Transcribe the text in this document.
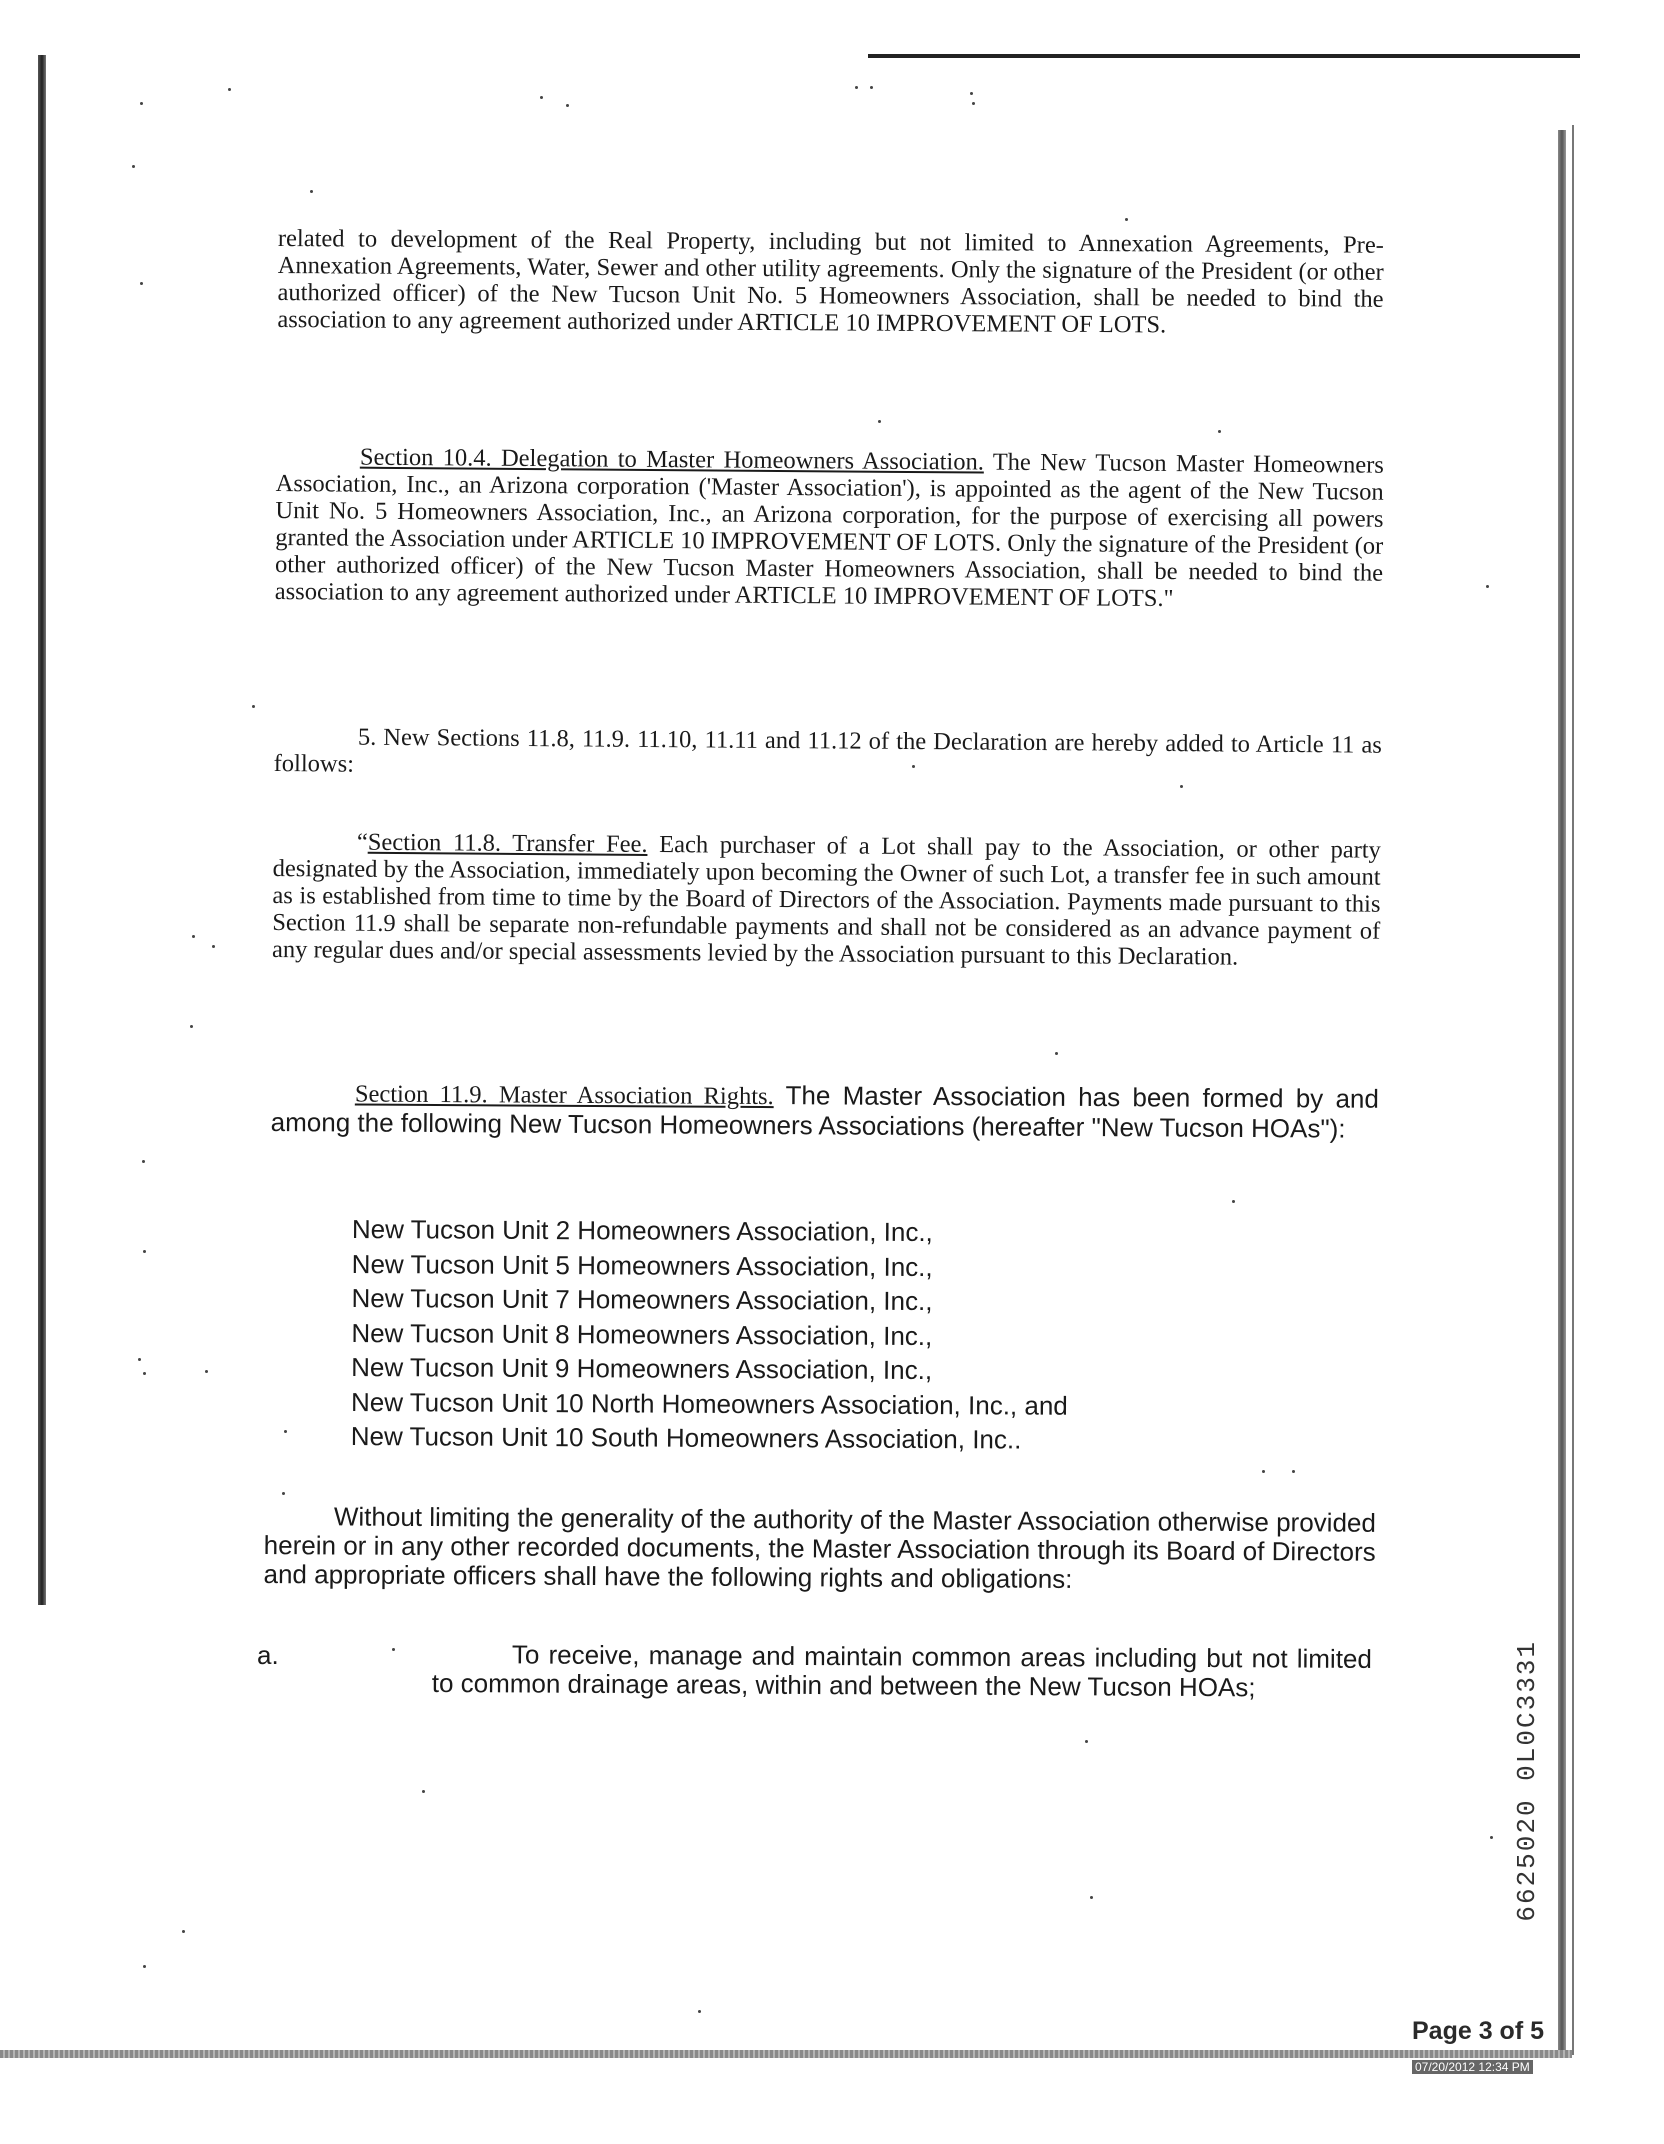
related to development of the Real Property, including but not limited to Annexation Agreements, Pre-Annexation Agreements, Water, Sewer and other utility agreements. Only the signature of the President (or other authorized officer) of the New Tucson Unit No. 5 Homeowners Association, shall be needed to bind the association to any agreement authorized under ARTICLE 10 IMPROVEMENT OF LOTS.

Section 10.4. Delegation to Master Homeowners Association. The New Tucson Master Homeowners Association, Inc., an Arizona corporation ('Master Association'), is appointed as the agent of the New Tucson Unit No. 5 Homeowners Association, Inc., an Arizona corporation, for the purpose of exercising all powers granted the Association under ARTICLE 10 IMPROVEMENT OF LOTS. Only the signature of the President (or other authorized officer) of the New Tucson Master Homeowners Association, shall be needed to bind the association to any agreement authorized under ARTICLE 10 IMPROVEMENT OF LOTS."

5. New Sections 11.8, 11.9. 11.10, 11.11 and 11.12 of the Declaration are hereby added to Article 11 as follows:

“Section 11.8. Transfer Fee. Each purchaser of a Lot shall pay to the Association, or other party designated by the Association, immediately upon becoming the Owner of such Lot, a transfer fee in such amount as is established from time to time by the Board of Directors of the Association. Payments made pursuant to this Section 11.9 shall be separate non-refundable payments and shall not be considered as an advance payment of any regular dues and/or special assessments levied by the Association pursuant to this Declaration.

Section 11.9. Master Association Rights. The Master Association has been formed by and among the following New Tucson Homeowners Associations (hereafter "New Tucson HOAs"):

New Tucson Unit 2 Homeowners Association, Inc.,
New Tucson Unit 5 Homeowners Association, Inc.,
New Tucson Unit 7 Homeowners Association, Inc.,
New Tucson Unit 8 Homeowners Association, Inc.,
New Tucson Unit 9 Homeowners Association, Inc.,
New Tucson Unit 10 North Homeowners Association, Inc., and
New Tucson Unit 10 South Homeowners Association, Inc..

Without limiting the generality of the authority of the Master Association otherwise provided herein or in any other recorded documents, the Master Association through its Board of Directors and appropriate officers shall have the following rights and obligations:

a.	To receive, manage and maintain common areas including but not limited to common drainage areas, within and between the New Tucson HOAs;	6625020 0L0C3331
Page 3 of 5
07/20/2012 12:34 PM
